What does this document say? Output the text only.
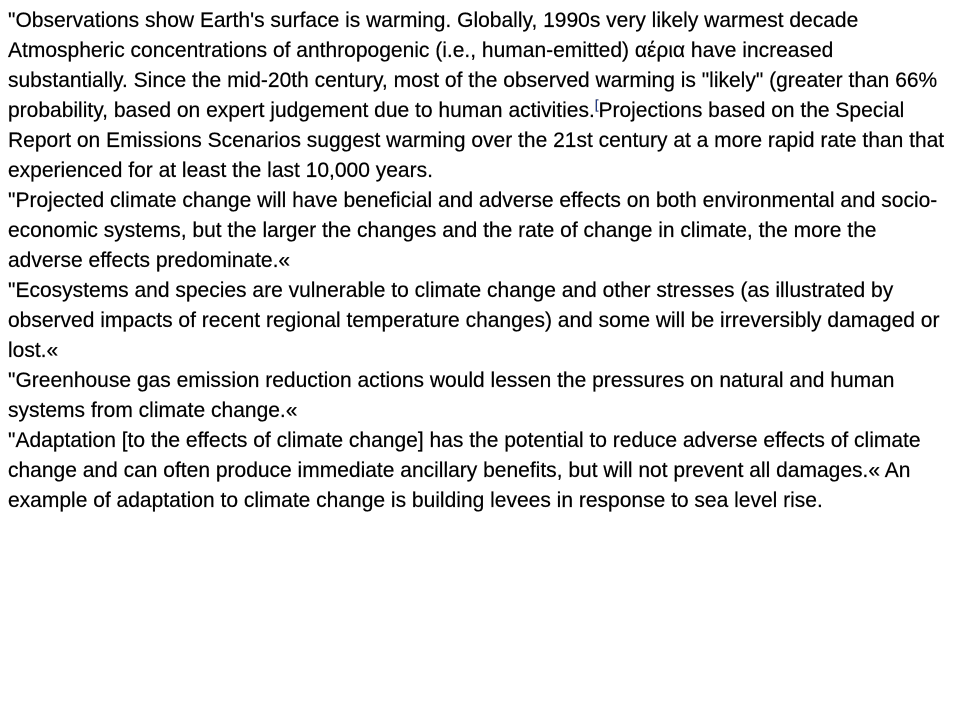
"Observations show Earth's surface is warming. Globally, 1990s very likely warmest decade Atmospheric concentrations of anthropogenic (i.e., human-emitted) αέρια have increased substantially. Since the mid-20th century, most of the observed warming is "likely" (greater than 66% probability, based on expert judgement due to human activities.[Projections based on the Special Report on Emissions Scenarios suggest warming over the 21st century at a more rapid rate than that experienced for at least the last 10,000 years.

"Projected climate change will have beneficial and adverse effects on both environmental and socio-economic systems, but the larger the changes and the rate of change in climate, the more the adverse effects predominate.«

"Ecosystems and species are vulnerable to climate change and other stresses (as illustrated by observed impacts of recent regional temperature changes) and some will be irreversibly damaged or lost.«

"Greenhouse gas emission reduction actions would lessen the pressures on natural and human systems from climate change.«

"Adaptation [to the effects of climate change] has the potential to reduce adverse effects of climate change and can often produce immediate ancillary benefits, but will not prevent all damages.« An example of adaptation to climate change is building levees in response to sea level rise.
